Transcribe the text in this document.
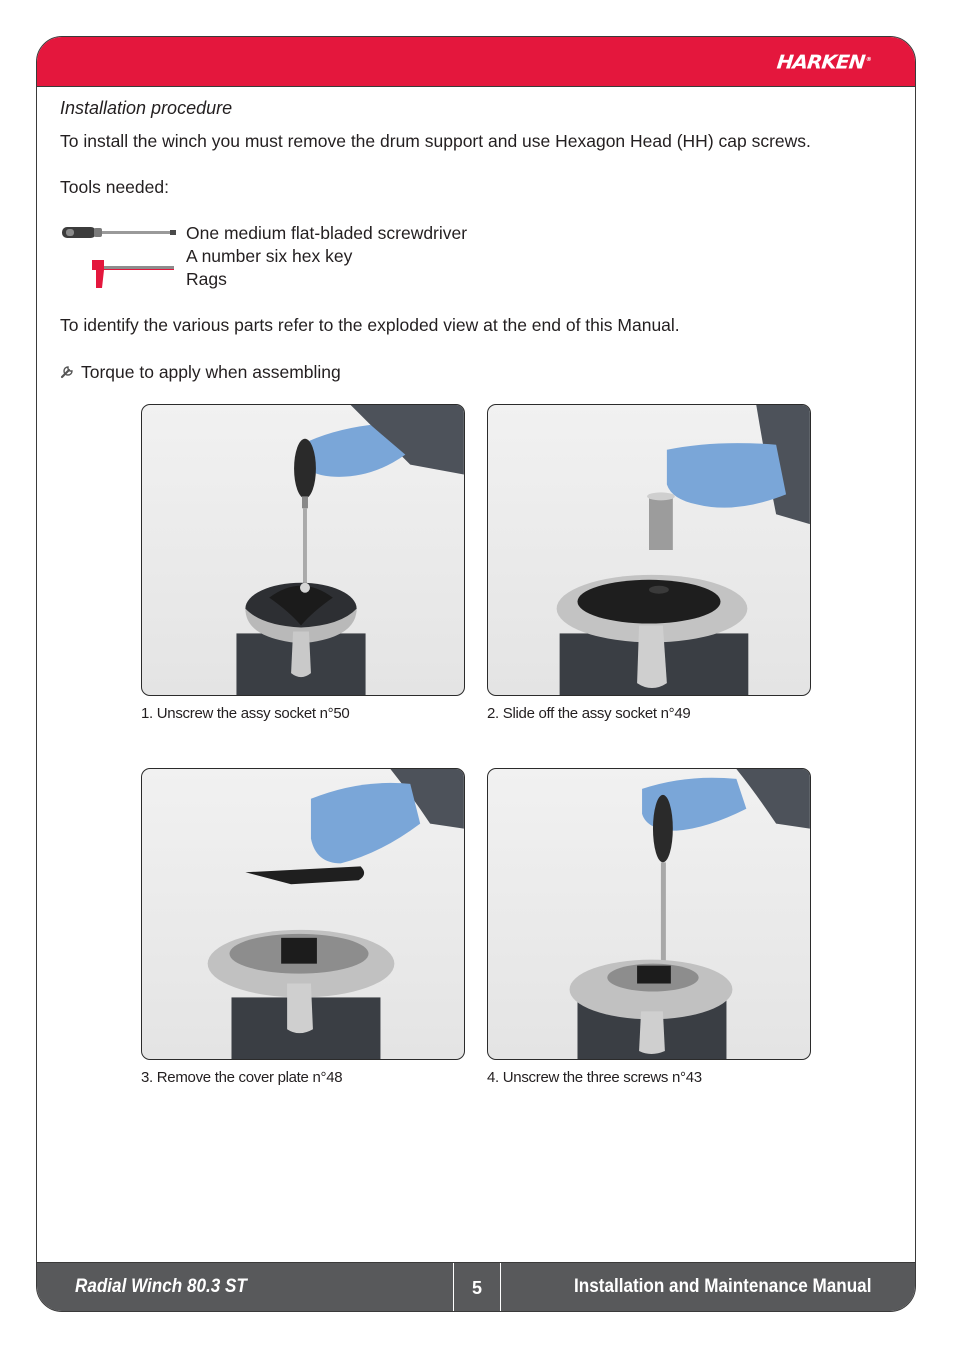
HARKEN®
Radial Winch 80.3 ST	5	Installation and Maintenance Manual
Installation procedure
To install the winch you must remove the drum support and use Hexagon Head (HH) cap screws.
Tools needed:
One medium flat-bladed screwdriver
A number six hex key
Rags
To identify the various parts refer to the exploded view at the end of this Manual.
Torque to apply when assembling
1. Unscrew the assy socket n°50	2. Slide off the assy socket n°49
3. Remove the cover plate n°48	4. Unscrew the three screws n°43
